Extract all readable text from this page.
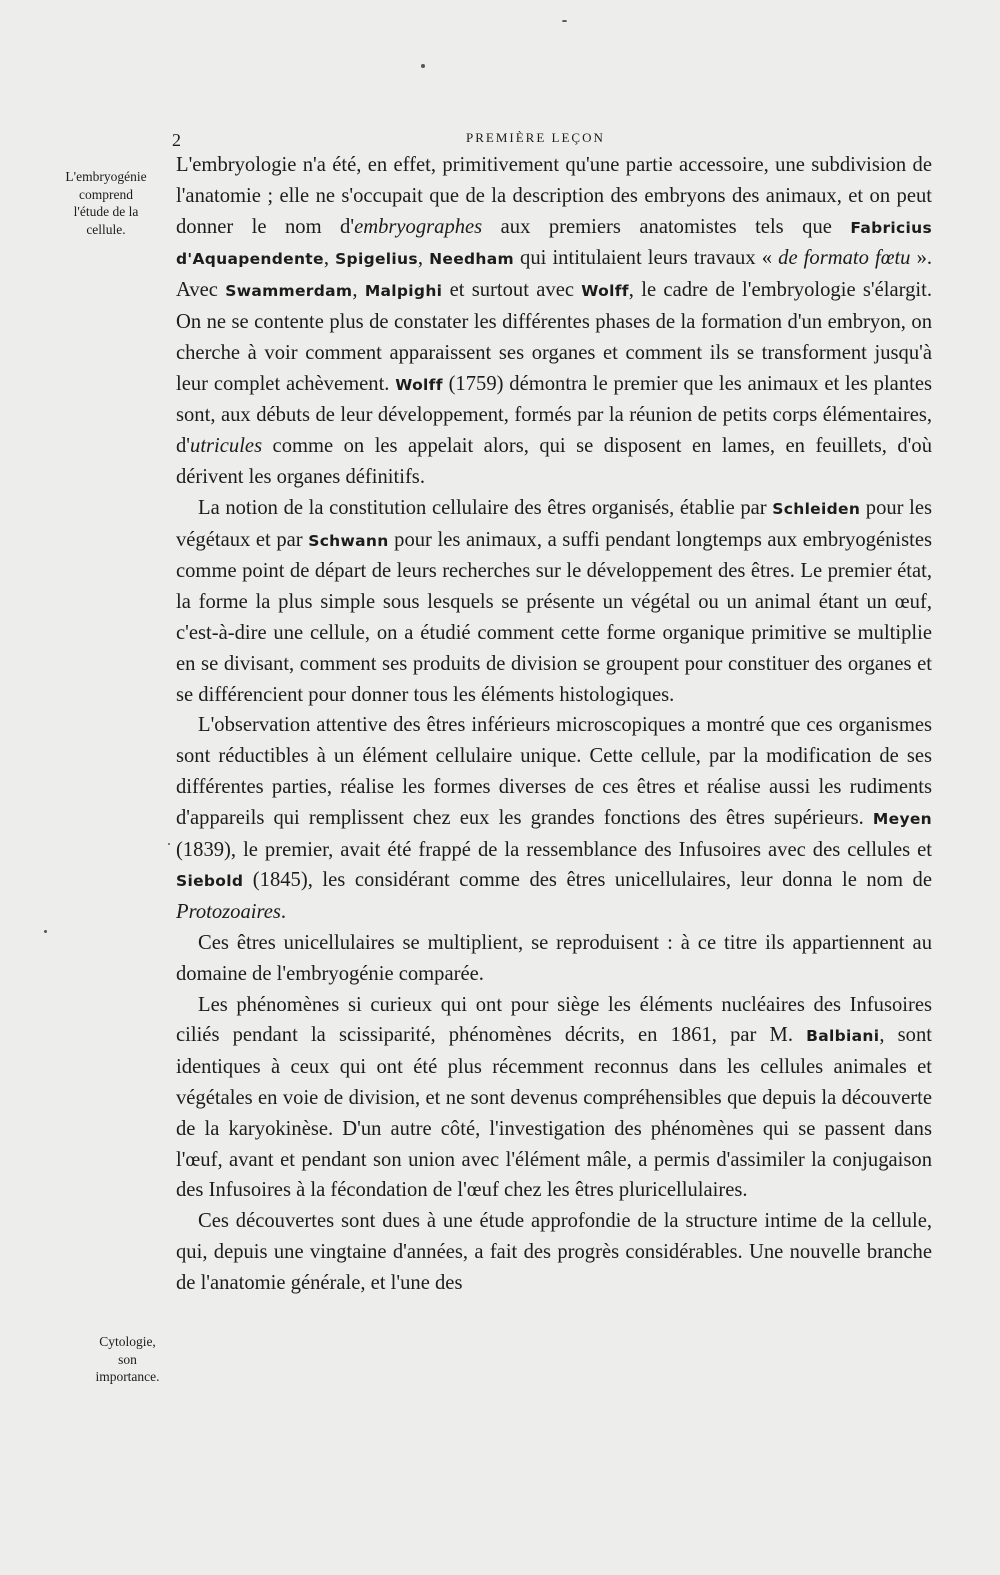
2	PREMIÈRE LEÇON
L'embryogénie
comprend
l'étude de la
cellule.
Cytologie,
son
importance.

L'embryologie n'a été, en effet, primitivement qu'une partie accessoire, une subdivision de l'anatomie ; elle ne s'occupait que de la description des embryons des animaux, et on peut donner le nom d'embryographes aux premiers anatomistes tels que Fabricius d'Aquapendente, Spigelius, Needham qui intitulaient leurs travaux « de formato fœtu ». Avec Swammerdam, Malpighi et surtout avec Wolff, le cadre de l'embryologie s'élargit. On ne se contente plus de constater les différentes phases de la formation d'un embryon, on cherche à voir comment apparaissent ses organes et comment ils se transforment jusqu'à leur complet achèvement. Wolff (1759) démontra le premier que les animaux et les plantes sont, aux débuts de leur développement, formés par la réunion de petits corps élémentaires, d'utricules comme on les appelait alors, qui se disposent en lames, en feuillets, d'où dérivent les organes définitifs.

La notion de la constitution cellulaire des êtres organisés, établie par Schleiden pour les végétaux et par Schwann pour les animaux, a suffi pendant longtemps aux embryogénistes comme point de départ de leurs recherches sur le développement des êtres. Le premier état, la forme la plus simple sous lesquels se présente un végétal ou un animal étant un œuf, c'est-à-dire une cellule, on a étudié comment cette forme organique primitive se multiplie en se divisant, comment ses produits de division se groupent pour constituer des organes et se différencient pour donner tous les éléments histologiques.

L'observation attentive des êtres inférieurs microscopiques a montré que ces organismes sont réductibles à un élément cellulaire unique. Cette cellule, par la modification de ses différentes parties, réalise les formes diverses de ces êtres et réalise aussi les rudiments d'appareils qui remplissent chez eux les grandes fonctions des êtres supérieurs. Meyen (1839), le premier, avait été frappé de la ressemblance des Infusoires avec des cellules et Siebold (1845), les considérant comme des êtres unicellulaires, leur donna le nom de Protozoaires.

Ces êtres unicellulaires se multiplient, se reproduisent : à ce titre ils appartiennent au domaine de l'embryogénie comparée.

Les phénomènes si curieux qui ont pour siège les éléments nucléaires des Infusoires ciliés pendant la scissiparité, phénomènes décrits, en 1861, par M. Balbiani, sont identiques à ceux qui ont été plus récemment reconnus dans les cellules animales et végétales en voie de division, et ne sont devenus compréhensibles que depuis la découverte de la karyokinèse. D'un autre côté, l'investigation des phénomènes qui se passent dans l'œuf, avant et pendant son union avec l'élément mâle, a permis d'assimiler la conjugaison des Infusoires à la fécondation de l'œuf chez les êtres pluricellulaires.

Ces découvertes sont dues à une étude approfondie de la structure intime de la cellule, qui, depuis une vingtaine d'années, a fait des progrès considérables. Une nouvelle branche de l'anatomie générale, et l'une des
